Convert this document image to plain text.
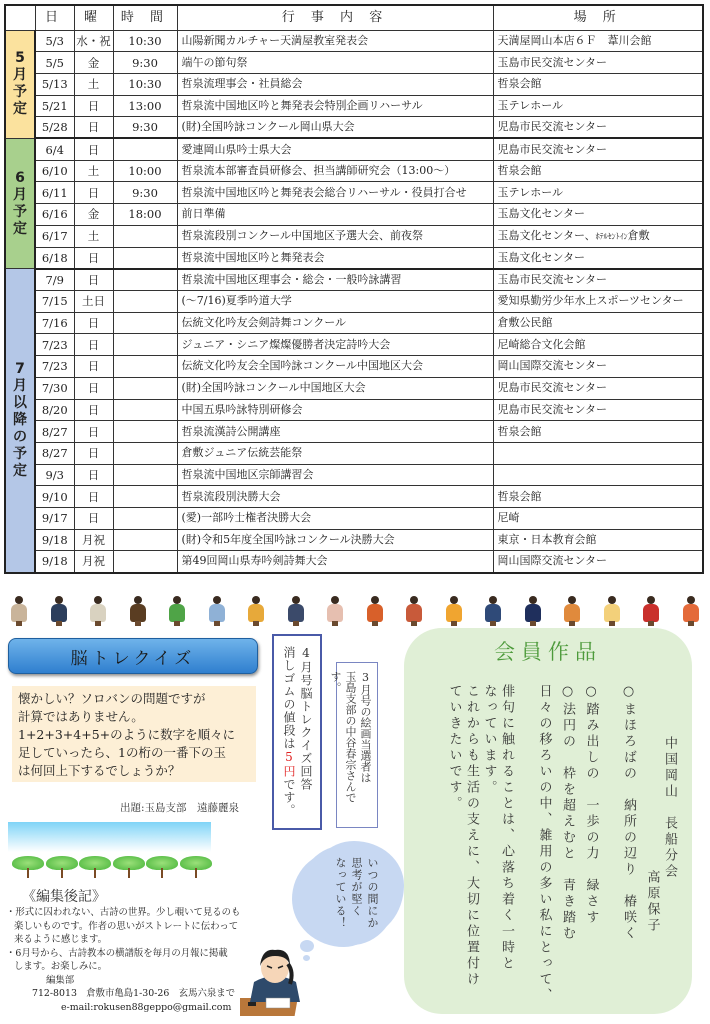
	日	曜	時 間	行 事 内 容	場 所
5月予定	5/3	水・祝	10:30	山陽新聞カルチャー天満屋教室発表会	天満屋岡山本店６Ｆ　葦川会館
	5/5	金	9:30	端午の節句祭	玉島市民交流センター
	5/13	土	10:30	哲泉流理事会・社員総会	哲泉会館
	5/21	日	13:00	哲泉流中国地区吟と舞発表会特別企画リハーサル	玉テレホール
	5/28	日	9:30	(財)全国吟詠コンクール岡山県大会	児島市民交流センター
6月予定	6/4	日		愛連岡山県吟士県大会	児島市民交流センター
	6/10	土	10:00	哲泉流本部審査員研修会、担当講師研究会（13:00～）	哲泉会館
	6/11	日	9:30	哲泉流中国地区吟と舞発表会総合リハーサル・役員打合せ	玉テレホール
	6/16	金	18:00	前日準備	玉島文化センター
	6/17	土		哲泉流段別コンクール中国地区予選大会、前夜祭	玉島文化センター、ﾎﾃﾙｾﾝﾄｲﾝ倉敷
	6/18	日		哲泉流中国地区吟と舞発表会	玉島文化センター
7月以降の予定	7/9	日		哲泉流中国地区理事会・総会・一般吟詠講習	玉島市民交流センター
	7/15	土日		(～7/16)夏季吟道大学	愛知県勤労少年水上スポーツセンター
	7/16	日		伝統文化吟友会剣詩舞コンクール	倉敷公民館
	7/23	日		ジュニア・シニア燦燦優勝者決定詩吟大会	尼崎総合文化会館
	7/23	日		伝統文化吟友会全国吟詠コンクール中国地区大会	岡山国際交流センター
	7/30	日		(財)全国吟詠コンクール中国地区大会	児島市民交流センター
	8/20	日		中国五県吟詠特別研修会	児島市民交流センター
	8/27	日		哲泉流漢詩公開講座	哲泉会館
	8/27	日		倉敷ジュニア伝統芸能祭	
	9/3	日		哲泉流中国地区宗師講習会	
	9/10	日		哲泉流段別決勝大会	哲泉会館
	9/17	日		(愛)一部吟士権者決勝大会	尼崎
	9/18	月祝		(財)令和5年度全国吟詠コンクール決勝大会	東京・日本教育会館
	9/18	月祝		第49回岡山県寿吟剣詩舞大会	岡山国際交流センター
脳トレクイズ

懐かしい？ソロバンの問題ですが

計算ではありません。

1+2+3+4+5+のように数字を順々に

足していったら、1の桁の一番下の玉

は何回上下するでしょうか？

出題:玉島支部　遠藤麗泉
4月号脳トレクイズ回答
消しゴムの値段は5円です。
3月号の絵画当選者は
玉島支部の中谷春宗さんです。
《編集後記》

・形式に囚われない、古詩の世界。少し覗いて見るのも

楽しいものです。作者の思いがストレートに伝わって

来るように感じます。

・6月号から、古詩教本の横譜版を毎月の月報に掲載

します。お楽しみに。

編集部

712-8013　倉敷市亀島1-30-26　玄馬六泉まで

e-mail:rokusen88geppo@gmail.com

いつの間にか
思考が堅く
なっている！
会員作品
中国岡山　長船分会
高原保子
○まほろばの　納所の辺り　椿咲く
○踏み出しの　一歩の力　緑さす
○法円の　枠を超えむと　青き踏む
日々の移ろいの中、雑用の多い私にとって、
俳句に触れることは、心落ち着く一時と
なっています。
これからも生活の支えに、大切に位置付け
ていきたいです。
